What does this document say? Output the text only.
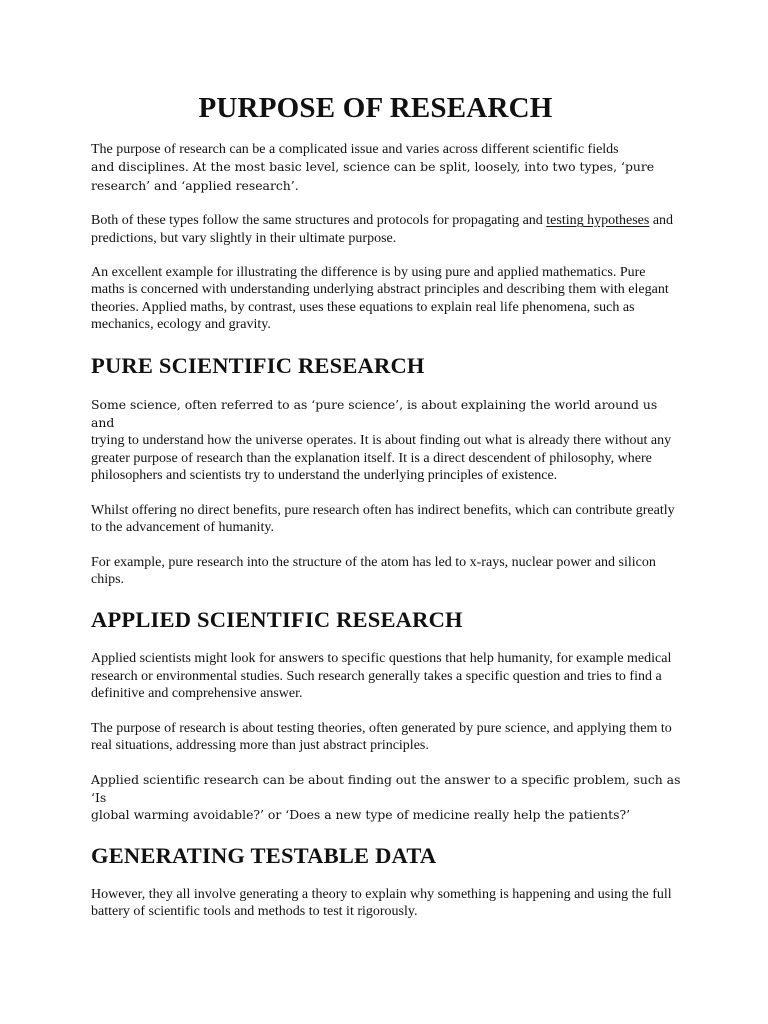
PURPOSE OF RESEARCH

The purpose of research can be a complicated issue and varies across different scientific fields
and disciplines. At the most basic level, science can be split, loosely, into two types, ‘pure
research’ and ‘applied research’.

Both of these types follow the same structures and protocols for propagating and testing hypotheses and predictions, but vary slightly in their ultimate purpose.

An excellent example for illustrating the difference is by using pure and applied mathematics. Pure maths is concerned with understanding underlying abstract principles and describing them with elegant theories. Applied maths, by contrast, uses these equations to explain real life phenomena, such as mechanics, ecology and gravity.

PURE SCIENTIFIC RESEARCH

Some science, often referred to as ‘pure science’, is about explaining the world around us and
trying to understand how the universe operates. It is about finding out what is already there without any greater purpose of research than the explanation itself. It is a direct descendent of philosophy, where philosophers and scientists try to understand the underlying principles of existence.

Whilst offering no direct benefits, pure research often has indirect benefits, which can contribute greatly to the advancement of humanity.

For example, pure research into the structure of the atom has led to x-rays, nuclear power and silicon chips.

APPLIED SCIENTIFIC RESEARCH

Applied scientists might look for answers to specific questions that help humanity, for example medical research or environmental studies. Such research generally takes a specific question and tries to find a definitive and comprehensive answer.

The purpose of research is about testing theories, often generated by pure science, and applying them to real situations, addressing more than just abstract principles.

Applied scientific research can be about finding out the answer to a specific problem, such as ‘Is
global warming avoidable?’ or ‘Does a new type of medicine really help the patients?’

GENERATING TESTABLE DATA

However, they all involve generating a theory to explain why something is happening and using the full battery of scientific tools and methods to test it rigorously.
